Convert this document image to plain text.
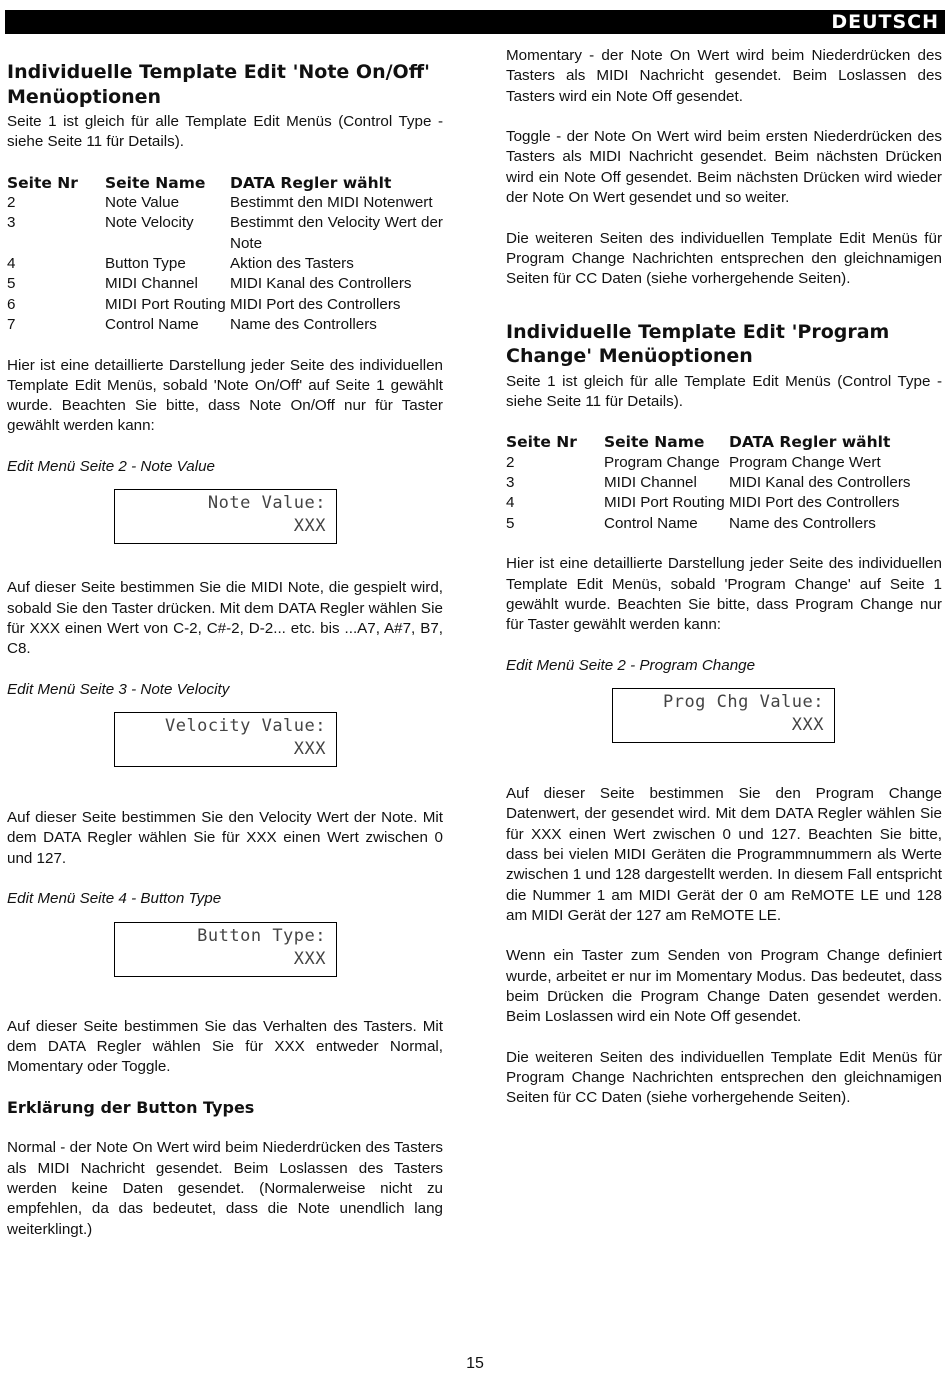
DEUTSCH
Individuelle Template Edit 'Note On/Off' Menüoptionen

Seite 1 ist gleich für alle Template Edit Menüs (Control Type - siehe Seite 11 für Details).

Seite Nr	Seite Name	DATA Regler wählt
2	Note Value	Bestimmt den MIDI Notenwert
3	Note Velocity	Bestimmt den Velocity Wert der Note
4	Button Type	Aktion des Tasters
5	MIDI Channel	MIDI Kanal des Controllers
6	MIDI Port Routing	MIDI Port des Controllers
7	Control Name	Name des Controllers

Hier ist eine detaillierte Darstellung jeder Seite des individuellen Template Edit Menüs, sobald 'Note On/Off' auf Seite 1 gewählt wurde. Beachten Sie bitte, dass Note On/Off nur für Taster gewählt werden kann:

Edit Menü Seite 2 - Note Value

Note Value:
XXX

Auf dieser Seite bestimmen Sie die MIDI Note, die gespielt wird, sobald Sie den Taster drücken. Mit dem DATA Regler wählen Sie für XXX einen Wert von C-2, C#-2, D-2... etc. bis ...A7, A#7, B7, C8.

Edit Menü Seite 3 - Note Velocity

Velocity Value:
XXX

Auf dieser Seite bestimmen Sie den Velocity Wert der Note. Mit dem DATA Regler wählen Sie für XXX einen Wert zwischen 0 und 127.

Edit Menü Seite 4 - Button Type

Button Type:
XXX

Auf dieser Seite bestimmen Sie das Verhalten des Tasters. Mit dem DATA Regler wählen Sie für XXX entweder Normal, Momentary oder Toggle.

Erklärung der Button Types

Normal - der Note On Wert wird beim Niederdrücken des Tasters als MIDI Nachricht gesendet. Beim Loslassen des Tasters werden keine Daten gesendet. (Normalerweise nicht zu empfehlen, da das bedeutet, dass die Note unendlich lang weiterklingt.)

Momentary - der Note On Wert wird beim Niederdrücken des Tasters als MIDI Nachricht gesendet. Beim Loslassen des Tasters wird ein Note Off gesendet.

Toggle - der Note On Wert wird beim ersten Niederdrücken des Tasters als MIDI Nachricht gesendet. Beim nächsten Drücken wird ein Note Off gesendet. Beim nächsten Drücken wird wieder der Note On Wert gesendet und so weiter.

Die weiteren Seiten des individuellen Template Edit Menüs für Program Change Nachrichten entsprechen den gleichnamigen Seiten für CC Daten (siehe vorhergehende Seiten).

Individuelle Template Edit 'Program Change' Menüoptionen

Seite 1 ist gleich für alle Template Edit Menüs (Control Type - siehe Seite 11 für Details).

Seite Nr	Seite Name	DATA Regler wählt
2	Program Change	Program Change Wert
3	MIDI Channel	MIDI Kanal des Controllers
4	MIDI Port Routing	MIDI Port des Controllers
5	Control Name	Name des Controllers

Hier ist eine detaillierte Darstellung jeder Seite des individuellen Template Edit Menüs, sobald 'Program Change' auf Seite 1 gewählt wurde. Beachten Sie bitte, dass Program Change nur für Taster gewählt werden kann:

Edit Menü Seite 2 - Program Change

Prog Chg Value:
XXX

Auf dieser Seite bestimmen Sie den Program Change Datenwert, der gesendet wird. Mit dem DATA Regler wählen Sie für XXX einen Wert zwischen 0 und 127. Beachten Sie bitte, dass bei vielen MIDI Geräten die Programmnummern als Werte zwischen 1 und 128 dargestellt werden. In diesem Fall entspricht die Nummer 1 am MIDI Gerät der 0 am ReMOTE LE und 128 am MIDI Gerät der 127 am ReMOTE LE.

Wenn ein Taster zum Senden von Program Change definiert wurde, arbeitet er nur im Momentary Modus. Das bedeutet, dass beim Drücken die Program Change Daten gesendet werden. Beim Loslassen wird ein Note Off gesendet.

Die weiteren Seiten des individuellen Template Edit Menüs für Program Change Nachrichten entsprechen den gleichnamigen Seiten für CC Daten (siehe vorhergehende Seiten).

15
